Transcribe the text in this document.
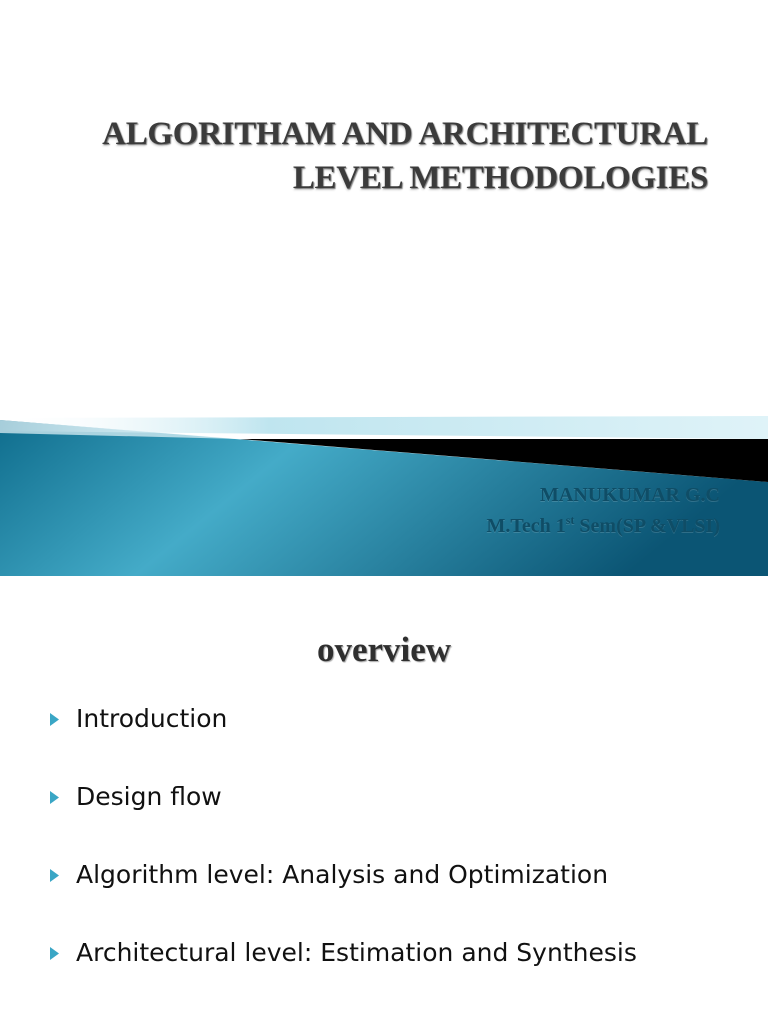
ALGORITHAM AND ARCHITECTURAL
LEVEL METHODOLOGIES
MANUKUMAR G.C
M.Tech 1st Sem(SP &VLSI)
overview
Introduction
Design flow
Algorithm level: Analysis and Optimization
Architectural level: Estimation and Synthesis
